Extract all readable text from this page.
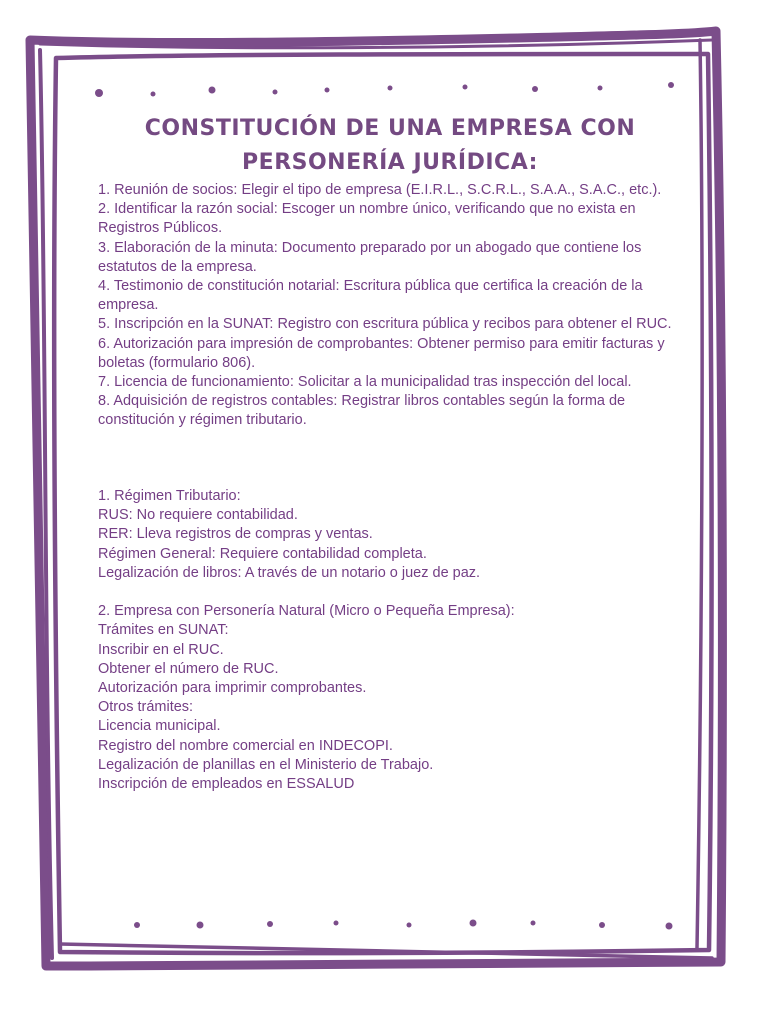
CONSTITUCIÓN DE UNA EMPRESA CON PERSONERÍA JURÍDICA:
1. Reunión de socios: Elegir el tipo de empresa (E.I.R.L., S.C.R.L., S.A.A., S.A.C., etc.).
2. Identificar la razón social: Escoger un nombre único, verificando que no exista en Registros Públicos.
3. Elaboración de la minuta: Documento preparado por un abogado que contiene los estatutos de la empresa.
4. Testimonio de constitución notarial: Escritura pública que certifica la creación de la empresa.
5. Inscripción en la SUNAT: Registro con escritura pública y recibos para obtener el RUC.
6. Autorización para impresión de comprobantes: Obtener permiso para emitir facturas y boletas (formulario 806).
7. Licencia de funcionamiento: Solicitar a la municipalidad tras inspección del local.
8. Adquisición de registros contables: Registrar libros contables según la forma de constitución y régimen tributario.
1. Régimen Tributario:
RUS: No requiere contabilidad.
RER: Lleva registros de compras y ventas.
Régimen General: Requiere contabilidad completa.
Legalización de libros: A través de un notario o juez de paz.
2. Empresa con Personería Natural (Micro o Pequeña Empresa):
Trámites en SUNAT:
Inscribir en el RUC.
Obtener el número de RUC.
Autorización para imprimir comprobantes.
Otros trámites:
Licencia municipal.
Registro del nombre comercial en INDECOPI.
Legalización de planillas en el Ministerio de Trabajo.
Inscripción de empleados en ESSALUD
